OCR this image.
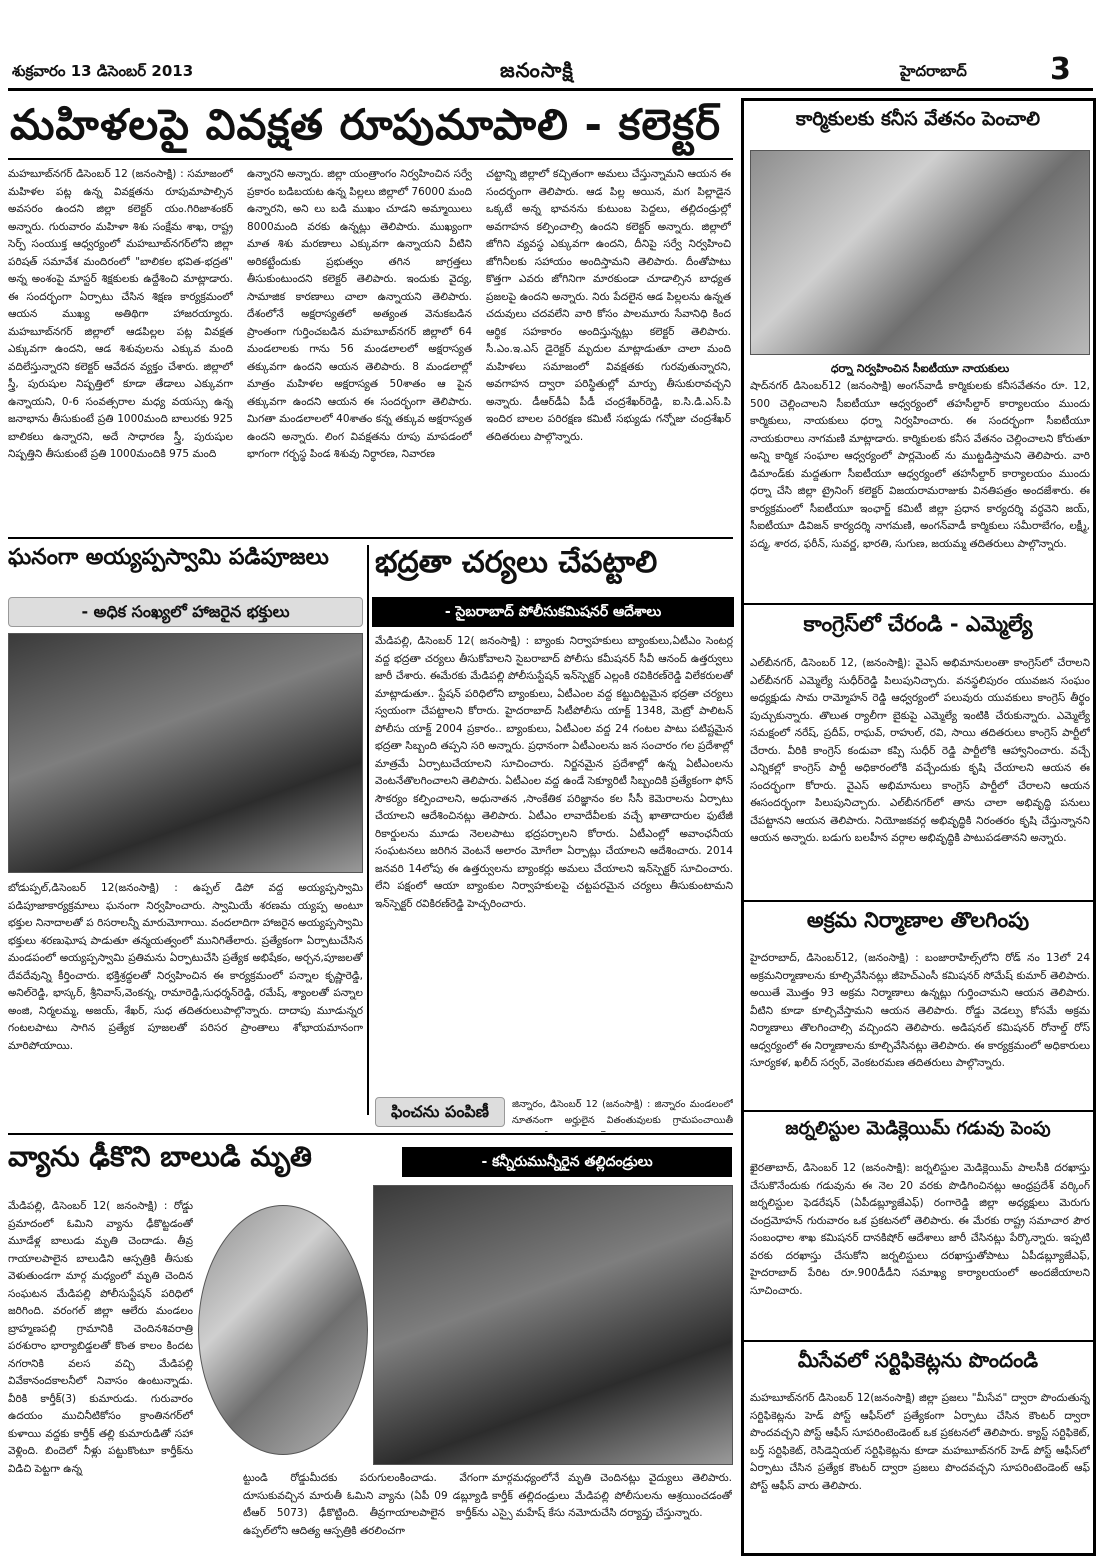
శుక్రవారం 13 డిసెంబర్ 2013	జనంసాక్షి	హైదరాబాద్	3
మహిళలపై వివక్షత రూపుమాపాలి - కలెక్టర్
మహబూబ్‌నగర్ డిసెంబర్ 12 (జనంసాక్షి) : సమాజంలో మహిళల పట్ల ఉన్న వివక్షతను రూపుమాపాల్సిన అవసరం ఉందని జిల్లా కలెక్టర్ యం.గిరిజాశంకర్ అన్నారు. గురువారం మహిళా శిశు సంక్షేమ శాఖ, రాష్ట్ర సెర్ప్ సంయుక్త ఆధ్వర్యంలో మహబూబ్‌నగర్‌లోని జిల్లా పరిషత్ సమావేశ మందిరంలో "బాలికల భవిత-భద్రత" అన్న అంశంపై మాస్టర్ శిక్షకులకు ఉద్దేశించి మాట్లాడారు. ఈ సందర్భంగా ఏర్పాటు చేసిన శిక్షణ కార్యక్రమంలో ఆయన ముఖ్య అతిథిగా హాజరయ్యారు. మహబూబ్‌నగర్ జిల్లాలో ఆడపిల్లల పట్ల వివక్షత ఎక్కువగా ఉందని, ఆడ శిశువులను ఎక్కువ మంది వదిలేస్తున్నారని కలెక్టర్ ఆవేదన వ్యక్తం చేశారు. జిల్లాలో స్త్రీ, పురుషుల నిష్పత్తిలో కూడా తేడాలు ఎక్కువగా ఉన్నాయని, 0-6 సంవత్సరాల మధ్య వయస్సు ఉన్న జనాభాను తీసుకుంటే ప్రతి 1000మంది బాలురకు 925 బాలికలు ఉన్నారని, అదే సాధారణ స్త్రీ, పురుషుల నిష్పత్తిని తీసుకుంటే ప్రతి 1000మందికి 975 మంది
ఉన్నారని అన్నారు. జిల్లా యంత్రాంగం నిర్వహించిన సర్వే ప్రకారం బడిబయట ఉన్న పిల్లలు జిల్లాలో 76000 మంది ఉన్నారని, అని లు బడి ముఖం చూడని అమ్మాయిలు 8000మంది వరకు ఉన్నట్లు తెలిపారు. ముఖ్యంగా మాత శిశు మరణాలు ఎక్కువగా ఉన్నాయని వీటిని అరికట్టేందుకు ప్రభుత్వం తగిన జాగ్రత్తలు తీసుకుంటుందని కలెక్టర్ తెలిపారు. ఇందుకు వైద్య, సామాజిక కారణాలు చాలా ఉన్నాయని తెలిపారు. దేశంలోనే అక్షరాస్యతలో అత్యంత వెనుకబడిన ప్రాంతంగా గుర్తించబడిన మహబూబ్‌నగర్ జిల్లాలో 64 మండలాలకు గాను 56 మండలాలలో అక్షరాస్యత తక్కువగా ఉందని ఆయన తెలిపారు. 8 మండలాల్లో మాత్రం మహిళల అక్షరాస్యత 50శాతం ఆ పైన తక్కువగా ఉందని ఆయన ఈ సందర్భంగా తెలిపారు. మిగతా మండలాలలో 40శాతం కన్న తక్కువ అక్షరాస్యత ఉందని అన్నారు. లింగ వివక్షతను రూపు మాపడంలో భాగంగా గర్భస్థ పిండ శిశువు నిర్ధారణ, నివారణ
చట్టాన్ని జిల్లాలో కచ్చితంగా అమలు చేస్తున్నామని ఆయన ఈ సందర్భంగా తెలిపారు. ఆడ పిల్ల అయిన, మగ పిల్లాడైన ఒక్కటే అన్న భావనను కుటుంబ పెద్దలు, తల్లిదండ్రుల్లో అవగాహన కల్పించాల్సి ఉందని కలెక్టర్ అన్నారు. జిల్లాలో జోగిని వ్యవస్థ ఎక్కువగా ఉందని, దీనిపై సర్వే నిర్వహించి జోగినీలకు సహాయం అందిస్తామని తెలిపారు. దీంతోపాటు కొత్తగా ఎవరు జోగినిగా మారకుండా చూడాల్సిన బాధ్యత ప్రజలపై ఉందని అన్నారు. నిరు పేదలైన ఆడ పిల్లలను ఉన్నత చదువులు చదవలేని వారి కోసం పాలమూరు సేవానిధి కింద ఆర్థిక సహకారం అందిస్తున్నట్లు కలెక్టర్ తెలిపారు. సీ.ఎం.ఇ.ఎస్ డైరెక్టర్ మృదుల మాట్లాడుతూ చాలా మంది మహిళలు సమాజంలో వివక్షతకు గురవుతున్నారని, అవగాహన ద్వారా పరిస్థితుల్లో మార్పు తీసుకురావచ్చని అన్నారు. డీఆర్‌డీఏ పీడీ చంద్రశేఖర్‌రెడ్డి, ఐ.సి.డి.ఎస్.పి ఇందిర బాలల పరిరక్షణ కమిటీ సభ్యుడు గన్నోజు చంద్రశేఖర్ తదితరులు పాల్గొన్నారు.
ఘనంగా అయ్యప్పస్వామి పడిపూజలు
- అధిక సంఖ్యలో హాజరైన భక్తులు
బోడుప్పల్,డిసెంబర్ 12(జనంసాక్షి) : ఉప్పల్ డిపో వద్ద అయ్యప్పస్వామి పడిపూజాకార్యక్రమాలు ఘనంగా నిర్వహించారు. స్వామియే శరణమ య్యప్ప అంటూ భక్తుల నినాదాలతో ప రిసరాలన్నీ మారుమోగాయి. వందలాదిగా హాజరైన అయ్యప్పస్వామి భక్తులు శరణుఘోష పాడుతూ తన్మయత్వంలో మునిగితేలారు. ప్రత్యేకంగా ఏర్పాటుచేసిన మండపంలో అయ్యప్పస్వామి ప్రతిమను ఏర్పాటుచేసి ప్రత్యేక అభిషేకం, అర్చన,పూజలతో దేవదేవున్ని కీర్తించారు. భక్తిశ్రద్ధలతో నిర్వహించిన ఈ కార్యక్రమంలో పన్నాల కృష్ణారెడ్డి, అనిల్‌రెడ్డి, భాస్కర్, శ్రీనివాస్,వెంకన్న, రామారెడ్డి,సుధర్శన్‌రెడ్డి, రమేష్, శ్యాంలతో పన్నాల అంజి, నిర్మలమ్మ, అజయ్, శేఖర్, సుధ తదితరులుపాల్గొన్నారు. దాదాపు మూడున్నర గంటలపాటు సాగిన ప్రత్యేక పూజలతో పరిసర ప్రాంతాలు శోభాయమానంగా మారిపోయాయి.
భద్రతా చర్యలు చేపట్టాలి
- సైబరాబాద్ పోలీసుకమిషనర్ ఆదేశాలు
మేడిపల్లి, డిసెంబర్ 12( జనంసాక్షి) : బ్యాంకు నిర్వాహకులు బ్యాంకులు,ఏటీఎం సెంటర్ల వద్ద భద్రతా చర్యలు తీసుకోవాలని సైబరాబాద్ పోలీసు కమీషనర్ సీవీ ఆనంద్ ఉత్తర్వులు జారీ చేశారు. ఈమేరకు మేడిపల్లి పోలీసుస్టేషన్ ఇన్‌స్పెక్టర్ ఎల్లంకి రవికిరణ్‌రెడ్డి విలేకరులతో మాట్లాడుతూ.. స్టేషన్ పరిధిలోని బ్యాంకులు, ఏటీఎంల వద్ద కట్టుదిట్టమైన భద్రతా చర్యలు స్వయంగా చేపట్టాలని కోరారు. హైదరాబాద్ సిటీపోలీసు యాక్ట్ 1348, మెట్రో పాలిటన్ పోలీసు యాక్ట్ 2004 ప్రకారం.. బ్యాంకులు, ఏటీఎంల వద్ద 24 గంటల పాటు పటిష్టమైన భద్రతా సిబ్బంది తప్పని సరి అన్నారు. ప్రధానంగా ఏటీఎంలను జన సంచారం గల ప్రదేశాల్లో మాత్రమే ఏర్పాటుచేయాలని సూచించారు. నిర్జనమైన ప్రదేశాల్లో ఉన్న ఏటీఎంలను వెంటనేతొలగించాలని తెలిపారు. ఏటీఎంల వద్ద ఉండే సెక్యూరిటీ సిబ్బందికి ప్రత్యేకంగా ఫోన్ సౌకర్యం కల్పించాలని, అధునాతన ,సాంకేతిక పరిజ్ఞానం కల సీసీ కెమెరాలను ఏర్పాటు చేయాలని ఆదేశించినట్లు తెలిపారు. ఏటీఎం లావాదేవీలకు వచ్చే ఖాతాదారుల ఫుటేజీ రికార్డులను మూడు నెలలపాటు భద్రపర్చాలని కోరారు. ఏటీఎంల్లో అవాంఛనీయ సంఘటనలు జరిగిన వెంటనే అలారం మోగేలా ఏర్పాట్లు చేయాలని ఆదేశించారు. 2014 జనవరి 14లోపు ఈ ఉత్తర్వులను బ్యాంకర్లు అమలు చేయాలని ఇన్‌స్పెక్టర్ సూచించారు. లేని పక్షంలో ఆయా బ్యాంకుల నిర్వాహకులపై చట్టపరమైన చర్యలు తీసుకుంటామని ఇన్‌స్పెక్టర్ రవికిరణ్‌రెడ్డి హెచ్చరించారు.
ఫించను పంపిణీ	జిన్నారం, డిసెంబర్ 12 (జనంసాక్షి) : జిన్నారం మండలంలో నూతనంగా అర్హులైన వితంతువులకు గ్రామపంచాయితీ
వ్యాను ఢీకొని బాలుడి మృతి	- కన్నీరుమున్నీరైన తల్లిదండ్రులు
మేడిపల్లి, డిసెంబర్ 12( జనంసాక్షి) : రోడ్డు ప్రమాదంలో ఓమిని వ్యాను ఢీకొట్టడంతో మూడేళ్ల బాలుడు మృతి చెందాడు. తీవ్ర గాయాలపాలైన బాలుడిని ఆస్పత్రికి తీసుకు వెళుతుండగా మార్గ మధ్యంలో మృతి చెందిన సంఘటన మేడిపల్లి పోలీసుస్టేషన్ పరిధిలో జరిగింది. వరంగల్ జిల్లా ఆలేరు మండలం బ్రాహ్మణపల్లి గ్రామానికి చెందినశివరాత్రి పరశురాం భార్యాబిడ్డలతో కొంత కాలం కిందట నగరానికి వలస వచ్చి మేడిపల్లి వివేకానందకాలనీలో నివాసం ఉంటున్నాడు. వీరికి కార్తీక్(3) కుమారుడు. గురువారం ఉదయం ముచినీటికోసం క్రాంతినగర్‌లో కుళాయి వద్దకు కార్తీక్ తల్లి కుమారుడితో సహా వెళ్లింది. బిందెలో నీళ్లు పట్టుకొంటూ కార్తీక్‌ను విడిచి పెట్టగా ఉన్న
ట్టుండి రోడ్డుమీదకు పరుగులంకించాడు. వేగంగా దూసుకువచ్చిన మారుతీ ఓమిని వ్యాను (ఏపీ 09 డబ్ల్యూడి టీఆర్ 5073) ఢీకొట్టింది. తీవ్రగాయాలపాలైన కార్తీక్‌ను ఉప్పల్‌లోని ఆదిత్య ఆస్పత్రికి తరలించగా
మార్గమధ్యంలోనే మృతి చెందినట్లు వైద్యులు తెలిపారు. కార్తీక్ తల్లిదండ్రులు మేడిపల్లి పోలీసులను ఆశ్రయించడంతో ఎస్సై మహేష్ కేసు నమోదుచేసి దర్యాప్తు చేస్తున్నారు.
కార్మికులకు కనీస వేతనం పెంచాలి
ధర్నా నిర్వహించిన సీఐటీయూ నాయకులు
షాద్‌నగర్ డిసెంబర్12 (జనంసాక్షి) అంగన్‌వాడీ కార్మికులకు కనీసవేతనం రూ. 12, 500 చెల్లించాలని సీఐటీయూ ఆధ్వర్యంలో తహసీల్దార్ కార్యాలయం ముందు కార్మికులు, నాయకులు ధర్నా నిర్వహించారు. ఈ సందర్భంగా సీఐటీయూ నాయకురాలు నాగమణి మాట్లాడారు. కార్మికులకు కనీస వేతనం చెల్లించాలని కోరుతూ అన్ని కార్మిక సంఘాల ఆధ్వర్యంలో పార్లమెంట్ ను ముట్టడిస్తామని తెలిపారు. వారి డిమాండ్‌కు మద్దతుగా సీఐటీయూ ఆధ్వర్యంలో తహసీల్దార్ కార్యాలయం ముందు ధర్నా చేసి జిల్లా ట్రైనింగ్ కలెక్టర్ విజయరామరాజుకు వినతిపత్రం అందజేశారు. ఈ కార్యక్రమంలో సీఐటీయూ ఇంఛార్జ్ కమిటీ జిల్లా ప్రధాన కార్యదర్శి వర్ధవెని జయ్, సీఐటీయూ డివిజన్ కార్యదర్శి నాగమణి, అంగన్‌వాడీ కార్మికులు సమీరాబేగం, లక్ష్మీ, పద్మ, శారద, ఫరీన్, సువర్ణ, భారతి, సుగుణ, జయమ్మ తదితరులు పాల్గొన్నారు.
కాంగ్రెస్‌లో చేరండి - ఎమ్మెల్యే
ఎల్‌బీనగర్, డిసెంబర్ 12, (జనంసాక్షి): వైఎస్ అభిమానులంతా కాంగ్రెస్‌లో చేరాలని ఎల్‌బీనగర్ ఎమ్మెల్యే సుధీర్‌రెడ్డి పిలుపునిచ్చారు. వనస్థలిపురం యువజన సంఘం అధ్యక్షుడు సామ రామ్మోహన్ రెడ్డి ఆధ్వర్యంలో పలువురు యువకులు కాంగ్రెస్ తీర్థం పుచ్చుకున్నారు. తొలుత ర్యాలీగా బైకుపై ఎమ్మెల్యే ఇంటికి చేరుకున్నారు. ఎమ్మెల్యే సమక్షంలో నరేష్, ప్రదీప్, రాఘవ్, రాహుల్, రవి, సాయి తదితరులు కాంగ్రెస్ పార్టీలో చేరారు. వీరికి కాంగ్రెస్ కండువా కప్పి సుధీర్ రెడ్డి పార్టీలోకి ఆహ్వానించారు. వచ్చే ఎన్నికల్లో కాంగ్రెస్ పార్టీ అధికారంలోకి వచ్చేందుకు కృషి చేయాలని ఆయన ఈ సందర్భంగా కోరారు. వైఎస్ అభిమానులు కాంగ్రెస్ పార్టీలో చేరాలని ఆయన ఈసందర్భంగా పిలుపునిచ్చారు. ఎల్‌బీనగర్‌లో తాను చాలా అభివృద్ధి పనులు చేపట్టానని ఆయన తెలిపారు. నియోజకవర్గ అభివృద్ధికి నిరంతరం కృషి చేస్తున్నానని ఆయన అన్నారు. బడుగు బలహీన వర్గాల అభివృద్ధికి పాటుపడతానని అన్నారు.
అక్రమ నిర్మాణాల తొలగింపు
హైదరాబాద్, డిసెంబర్12, (జనంసాక్షి) : బంజారాహిల్స్‌లోని రోడ్ నం 13లో 24 అక్రమనిర్మాణాలను కూల్చివేసినట్లు జీహెచ్ఎంసీ కమిషనర్ సోమేష్ కుమార్ తెలిపారు. అయితే మొత్తం 93 అక్రమ నిర్మాణాలు ఉన్నట్లు గుర్తించామని ఆయన తెలిపారు. వీటిని కూడా కూల్చివేస్తామని ఆయన తెలిపారు. రోడ్డు వెడల్పు కోసమే అక్రమ నిర్మాణాలు తొలగించాల్సి వచ్చిందని తెలిపారు. అడిషనల్ కమిషనర్ రోనాల్డ్ రోస్ ఆధ్వర్యంలో ఈ నిర్మాణాలను కూల్చివేసినట్లు తెలిపారు. ఈ కార్యక్రమంలో అధికారులు సూర్యకళ, ఖలీద్ సర్వర్, వెంకటరమణ తదితరులు పాల్గొన్నారు.
జర్నలిస్టుల మెడిక్లెయిమ్ గడువు పెంపు
ఖైరతాబాద్, డిసెంబర్ 12 (జనంసాక్షి): జర్నలిస్టుల మెడిక్లెయిమ్ పాలసీకి దరఖాస్తు చేసుకొనేందుకు గడువును ఈ నెల 20 వరకు పొడిగించినట్లు ఆంధ్రప్రదేశ్ వర్కింగ్ జర్నలిస్టుల ఫెడరేషన్ (ఏపీడబ్ల్యూజేఎఫ్) రంగారెడ్డి జిల్లా అధ్యక్షులు మెరుగు చంద్రమోహన్ గురువారం ఒక ప్రకటనలో తెలిపారు. ఈ మేరకు రాష్ట్ర సమాచార పౌర సంబంధాల శాఖ కమిషనర్ దానకిషోర్ ఆదేశాలు జారీ చేసినట్లు పేర్కొన్నారు. ఇప్పటి వరకు దరఖాస్తు చేసుకోని జర్నలిస్టులు దరఖాస్తుతోపాటు ఏపీడబ్ల్యూజేఎఫ్, హైదరాబాద్ పేరిట రూ.900డీడీని సమాఖ్య కార్యాలయంలో అందజేయాలని సూచించారు.
మీసేవలో సర్టిఫికెట్లను పొందండి
మహబూబ్‌నగర్ డిసెంబర్ 12(జనంసాక్షి) జిల్లా ప్రజలు "మీసేవ" ద్వారా పొందుతున్న సర్టిఫికెట్లను హెడ్ పోస్ట్ ఆఫీస్‌లో ప్రత్యేకంగా ఏర్పాటు చేసిన కౌంటర్ ద్వారా పొందవచ్చని పోస్ట్ ఆఫీస్ సూపరింటెండెంట్ ఒక ప్రకటనలో తెలిపారు. క్యాస్ట్ సర్టిఫికెట్, బర్త్ సర్టిఫికెట్, రెసిడెన్షియల్ సర్టిఫికెట్లను కూడా మహబూబ్‌నగర్ హెడ్ పోస్ట్ ఆఫీస్‌లో ఏర్పాటు చేసిన ప్రత్యేక కౌంటర్ ద్వారా ప్రజలు పొందవచ్చని సూపరింటెండెంట్ ఆఫ్ పోస్ట్ ఆఫీస్ వారు తెలిపారు.
